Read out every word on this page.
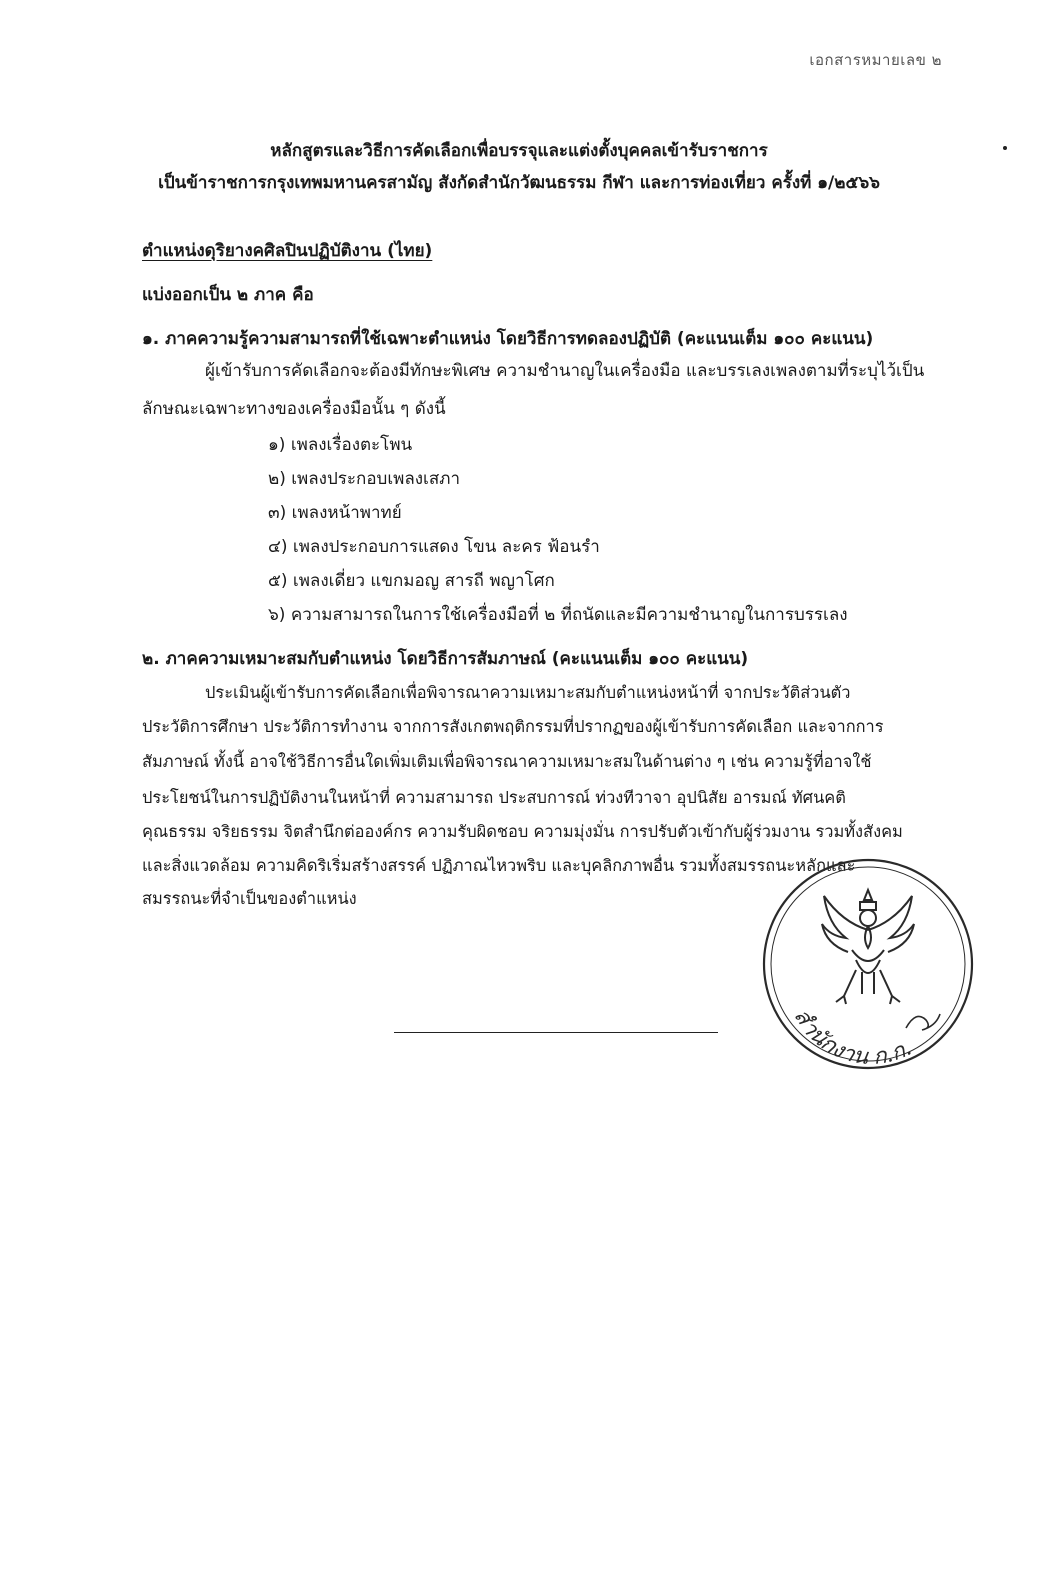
เอกสารหมายเลข ๒
หลักสูตรและวิธีการคัดเลือกเพื่อบรรจุและแต่งตั้งบุคคลเข้ารับราชการ
เป็นข้าราชการกรุงเทพมหานครสามัญ สังกัดสำนักวัฒนธรรม กีฬา และการท่องเที่ยว ครั้งที่ ๑/๒๕๖๖
ตำแหน่งดุริยางคศิลปินปฏิบัติงาน (ไทย)
แบ่งออกเป็น ๒ ภาค คือ
๑. ภาคความรู้ความสามารถที่ใช้เฉพาะตำแหน่ง โดยวิธีการทดลองปฏิบัติ (คะแนนเต็ม ๑๐๐ คะแนน)
ผู้เข้ารับการคัดเลือกจะต้องมีทักษะพิเศษ ความชำนาญในเครื่องมือ และบรรเลงเพลงตามที่ระบุไว้เป็น
ลักษณะเฉพาะทางของเครื่องมือนั้น ๆ ดังนี้
๑) เพลงเรื่องตะโพน
๒) เพลงประกอบเพลงเสภา
๓) เพลงหน้าพาทย์
๔) เพลงประกอบการแสดง โขน ละคร ฟ้อนรำ
๕) เพลงเดี่ยว แขกมอญ สารถี พญาโศก
๖) ความสามารถในการใช้เครื่องมือที่ ๒ ที่ถนัดและมีความชำนาญในการบรรเลง
๒. ภาคความเหมาะสมกับตำแหน่ง โดยวิธีการสัมภาษณ์ (คะแนนเต็ม ๑๐๐ คะแนน)
ประเมินผู้เข้ารับการคัดเลือกเพื่อพิจารณาความเหมาะสมกับตำแหน่งหน้าที่ จากประวัติส่วนตัว
ประวัติการศึกษา ประวัติการทำงาน จากการสังเกตพฤติกรรมที่ปรากฏของผู้เข้ารับการคัดเลือก และจากการ
สัมภาษณ์ ทั้งนี้ อาจใช้วิธีการอื่นใดเพิ่มเติมเพื่อพิจารณาความเหมาะสมในด้านต่าง ๆ เช่น ความรู้ที่อาจใช้
ประโยชน์ในการปฏิบัติงานในหน้าที่ ความสามารถ ประสบการณ์ ท่วงทีวาจา อุปนิสัย อารมณ์ ทัศนคติ
คุณธรรม จริยธรรม จิตสำนึกต่อองค์กร ความรับผิดชอบ ความมุ่งมั่น การปรับตัวเข้ากับผู้ร่วมงาน รวมทั้งสังคม
และสิ่งแวดล้อม ความคิดริเริ่มสร้างสรรค์ ปฏิภาณไหวพริบ และบุคลิกภาพอื่น รวมทั้งสมรรถนะหลักและ
สมรรถนะที่จำเป็นของตำแหน่ง
สำนักงาน ก.ก.
